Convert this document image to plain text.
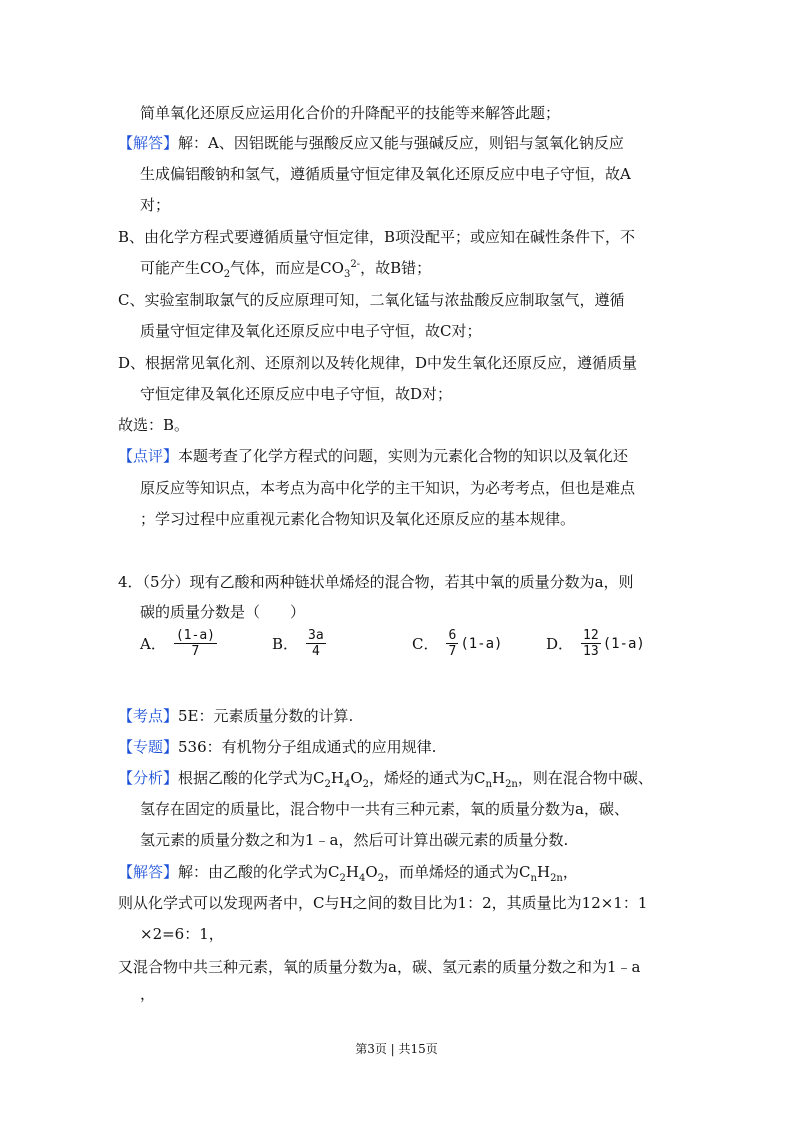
简单氧化还原反应运用化合价的升降配平的技能等来解答此题；
【解答】解：A、因铝既能与强酸反应又能与强碱反应，则铝与氢氧化钠反应
生成偏铝酸钠和氢气，遵循质量守恒定律及氧化还原反应中电子守恒，故A
对；
B、由化学方程式要遵循质量守恒定律，B项没配平；或应知在碱性条件下，不
可能产生$CO_2$气体，而应是$CO_3^{2-}$，故B错；
C、实验室制取氯气的反应原理可知，二氧化锰与浓盐酸反应制取氢气，遵循
质量守恒定律及氧化还原反应中电子守恒，故C对；
D、根据常见氧化剂、还原剂以及转化规律，D中发生氧化还原反应，遵循质量
守恒定律及氧化还原反应中电子守恒，故D对；
故选：B。
【点评】本题考查了化学方程式的问题，实则为元素化合物的知识以及氧化还
原反应等知识点，本考点为高中化学的主干知识，为必考考点，但也是难点
；学习过程中应重视元素化合物知识及氧化还原反应的基本规律。
4．（5分）现有乙酸和两种链状单烯烃的混合物，若其中氧的质量分数为a，则
碳的质量分数是（　　）
A． $\frac{(1-a)}{7}$	B． $\frac{3a}{4}$	C． $\frac{6}{7} (1-a)$	D． $\frac{12}{13} (1-a)$
【考点】5E：元素质量分数的计算.
【专题】536：有机物分子组成通式的应用规律.
【分析】根据乙酸的化学式为$C_2H_4O_2$，烯烃的通式为$C_nH_{2n}$，则在混合物中碳、
氢存在固定的质量比，混合物中一共有三种元素，氧的质量分数为a，碳、
氢元素的质量分数之和为1﹣a，然后可计算出碳元素的质量分数.
【解答】解：由乙酸的化学式为$C_2H_4O_2$，而单烯烃的通式为$C_nH_{2n}$，
则从化学式可以发现两者中，C与H之间的数目比为1：2，其质量比为12×1：1
×2=6：1，
又混合物中共三种元素，氧的质量分数为a，碳、氢元素的质量分数之和为1﹣a
，
第3页 | 共15页
